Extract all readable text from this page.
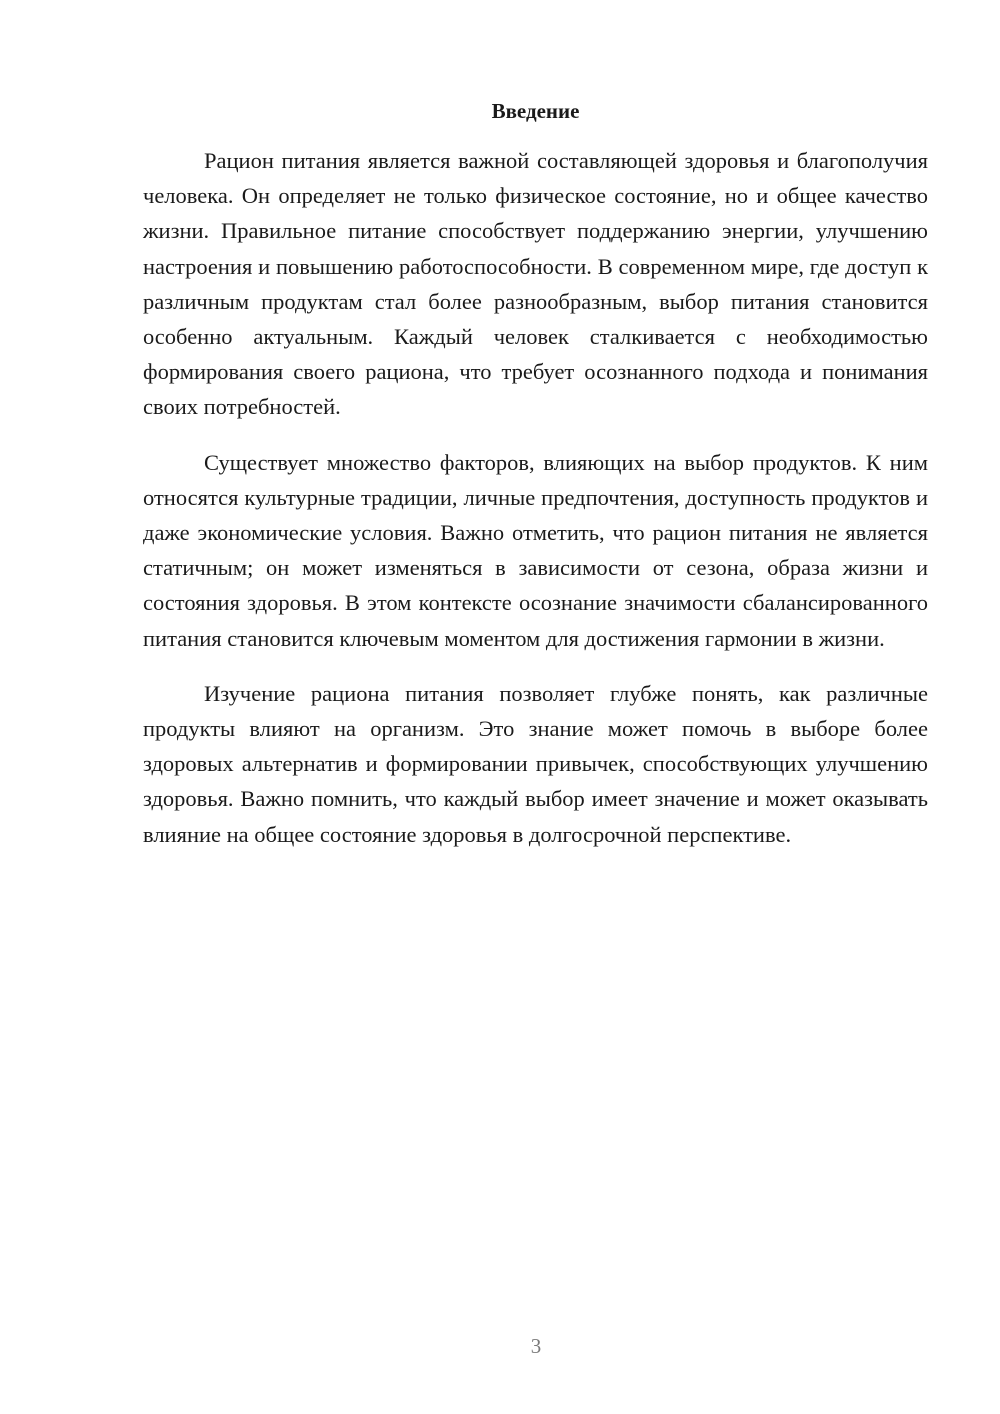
Введение

Рацион питания является важной составляющей здоровья и благополучия человека. Он определяет не только физическое состояние, но и общее качество жизни. Правильное питание способствует поддержанию энергии, улучшению настроения и повышению работоспособности. В современном мире, где доступ к различным продуктам стал более разнообразным, выбор питания становится особенно актуальным. Каждый человек сталкивается с необходимостью формирования своего рациона, что требует осознанного подхода и понимания своих потребностей.

Существует множество факторов, влияющих на выбор продуктов. К ним относятся культурные традиции, личные предпочтения, доступность продуктов и даже экономические условия. Важно отметить, что рацион питания не является статичным; он может изменяться в зависимости от сезона, образа жизни и состояния здоровья. В этом контексте осознание значимости сбалансированного питания становится ключевым моментом для достижения гармонии в жизни.

Изучение рациона питания позволяет глубже понять, как различные продукты влияют на организм. Это знание может помочь в выборе более здоровых альтернатив и формировании привычек, способствующих улучшению здоровья. Важно помнить, что каждый выбор имеет значение и может оказывать влияние на общее состояние здоровья в долгосрочной перспективе.

3
